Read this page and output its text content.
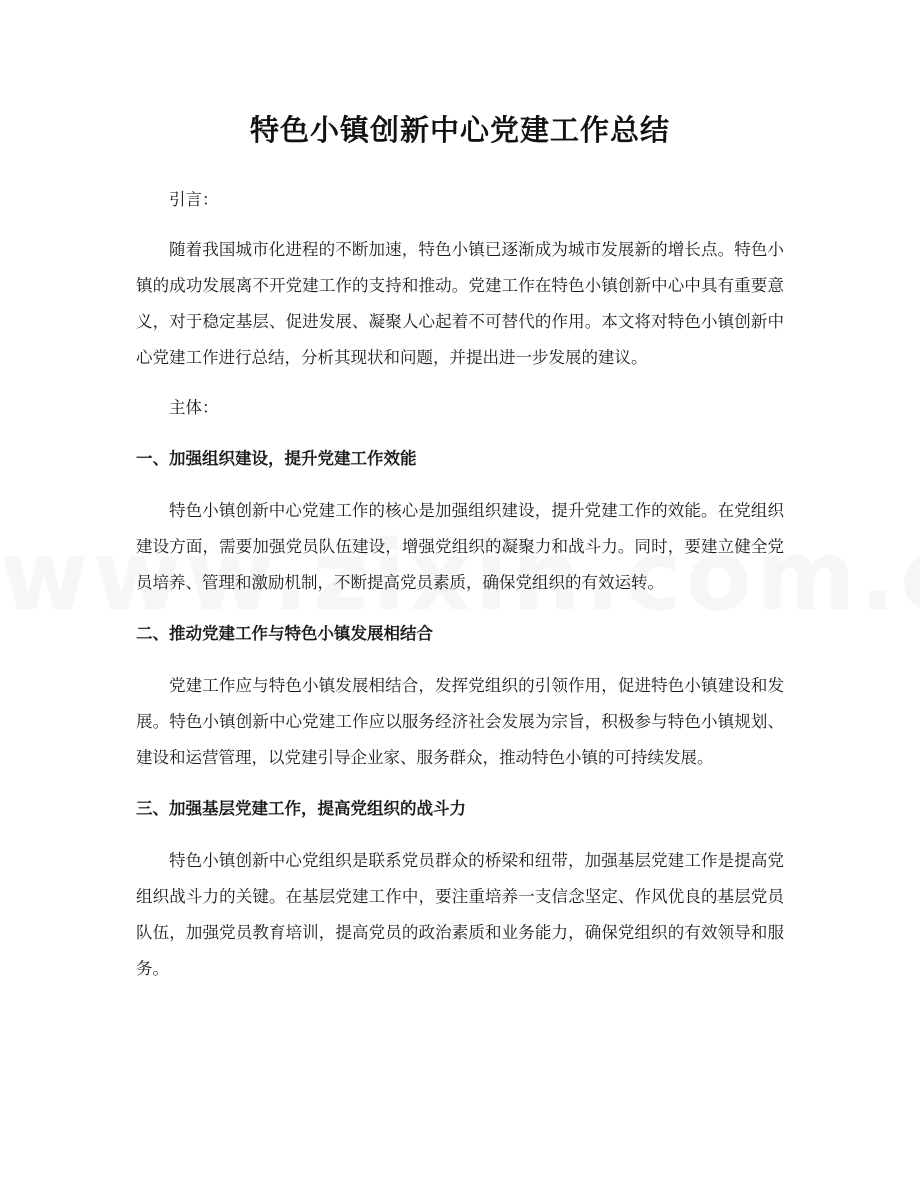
特色小镇创新中心党建工作总结

引言：

随着我国城市化进程的不断加速，特色小镇已逐渐成为城市发展新的增长点。特色小镇的成功发展离不开党建工作的支持和推动。党建工作在特色小镇创新中心中具有重要意义，对于稳定基层、促进发展、凝聚人心起着不可替代的作用。本文将对特色小镇创新中心党建工作进行总结，分析其现状和问题，并提出进一步发展的建议。

主体：

一、加强组织建设，提升党建工作效能

特色小镇创新中心党建工作的核心是加强组织建设，提升党建工作的效能。在党组织建设方面，需要加强党员队伍建设，增强党组织的凝聚力和战斗力。同时，要建立健全党员培养、管理和激励机制，不断提高党员素质，确保党组织的有效运转。

二、推动党建工作与特色小镇发展相结合

党建工作应与特色小镇发展相结合，发挥党组织的引领作用，促进特色小镇建设和发展。特色小镇创新中心党建工作应以服务经济社会发展为宗旨，积极参与特色小镇规划、建设和运营管理，以党建引导企业家、服务群众，推动特色小镇的可持续发展。

三、加强基层党建工作，提高党组织的战斗力

特色小镇创新中心党组织是联系党员群众的桥梁和纽带，加强基层党建工作是提高党组织战斗力的关键。在基层党建工作中，要注重培养一支信念坚定、作风优良的基层党员队伍，加强党员教育培训，提高党员的政治素质和业务能力，确保党组织的有效领导和服务。
